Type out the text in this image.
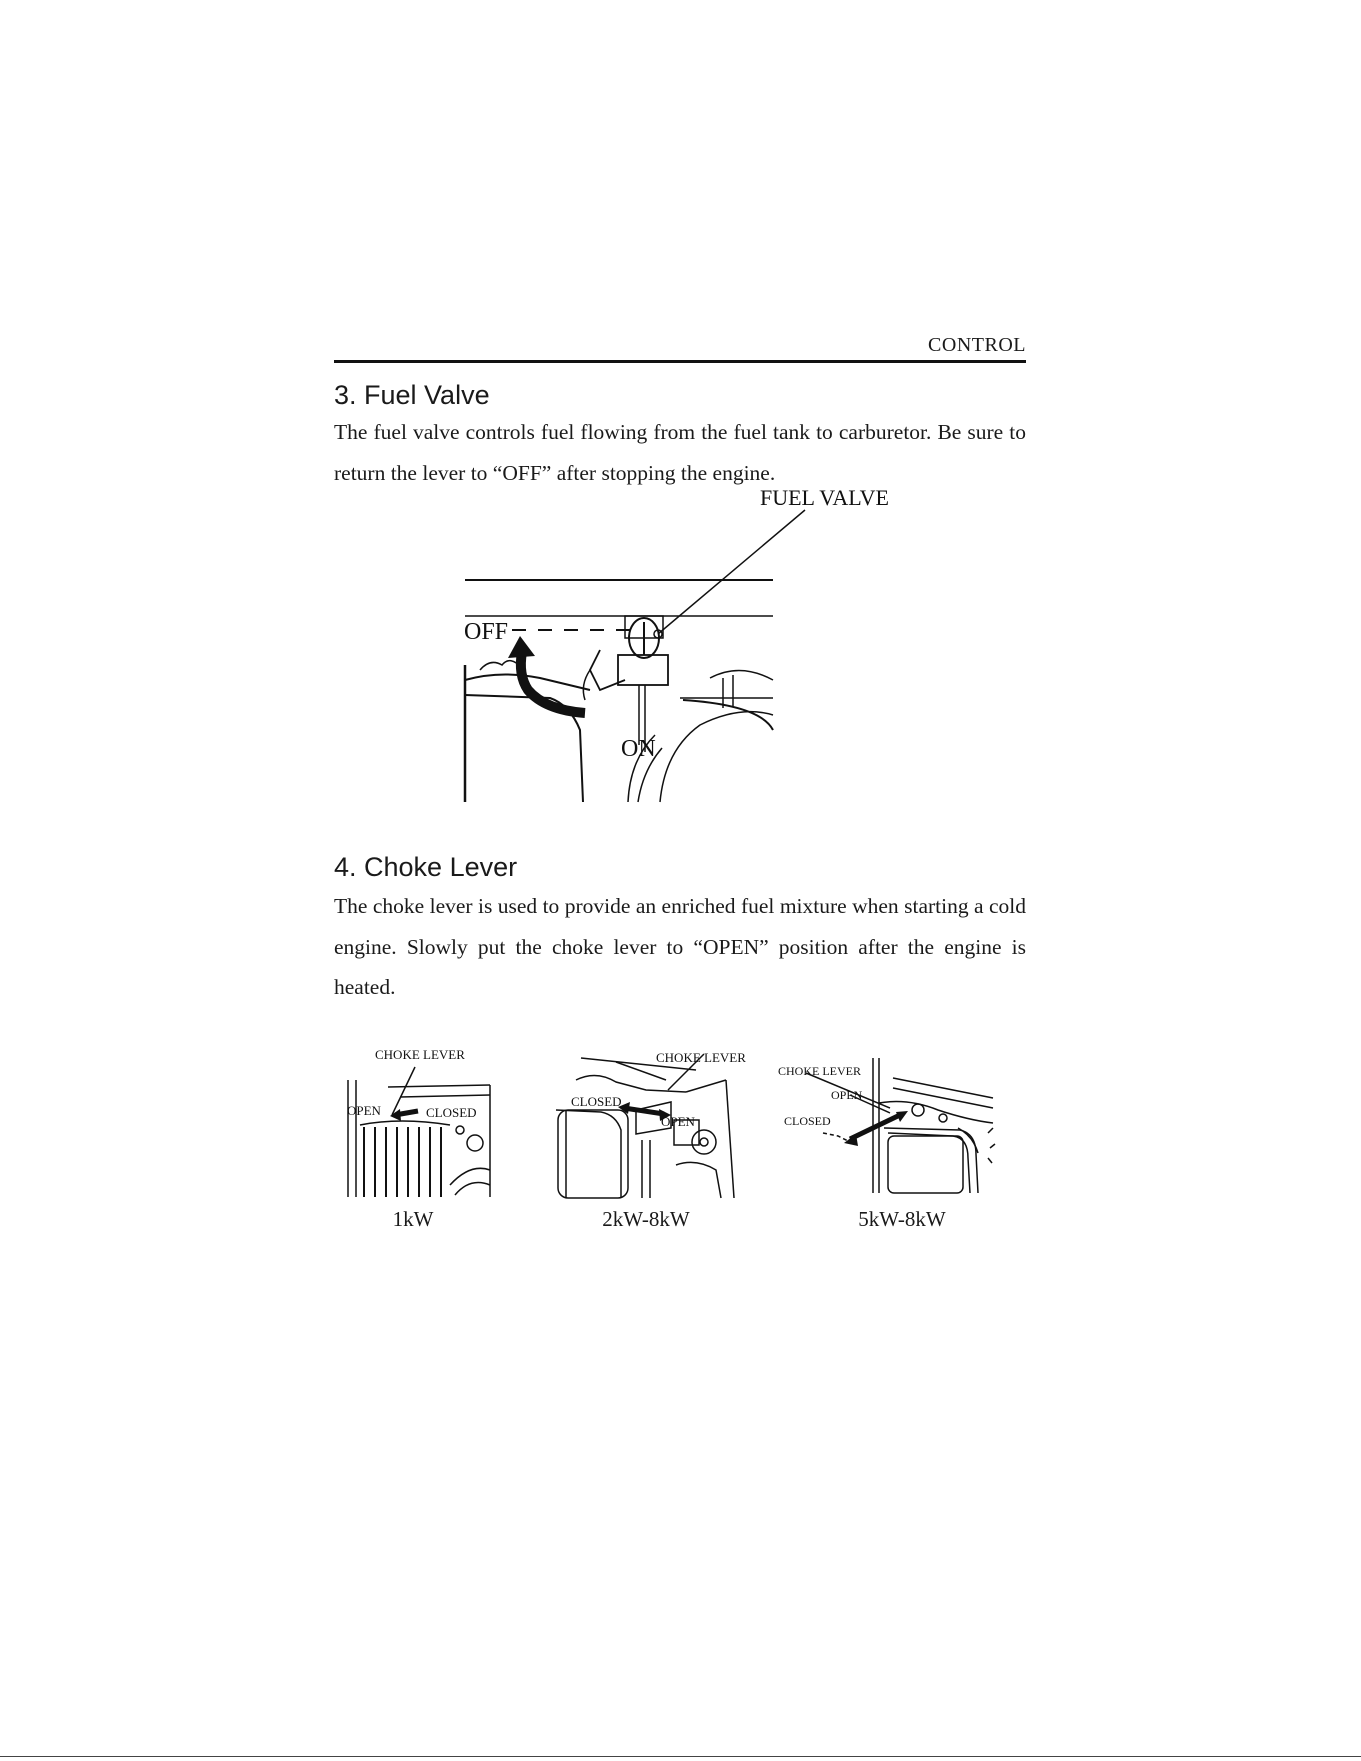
CONTROL
3. Fuel Valve

The fuel valve controls fuel flowing from the fuel tank to carburetor. Be sure to return the lever to “OFF” after stopping the engine.

FUEL VALVE
OFF
ON
4. Choke Lever

The choke lever is used to provide an enriched fuel mixture when starting a cold engine. Slowly put the choke lever to “OPEN” position after the engine is heated.

CHOKE LEVER
OPEN	CLOSED
1kW
CHOKE LEVER
CLOSED
OPEN
2kW-8kW
CHOKE LEVER
OPEN
CLOSED
5kW-8kW
